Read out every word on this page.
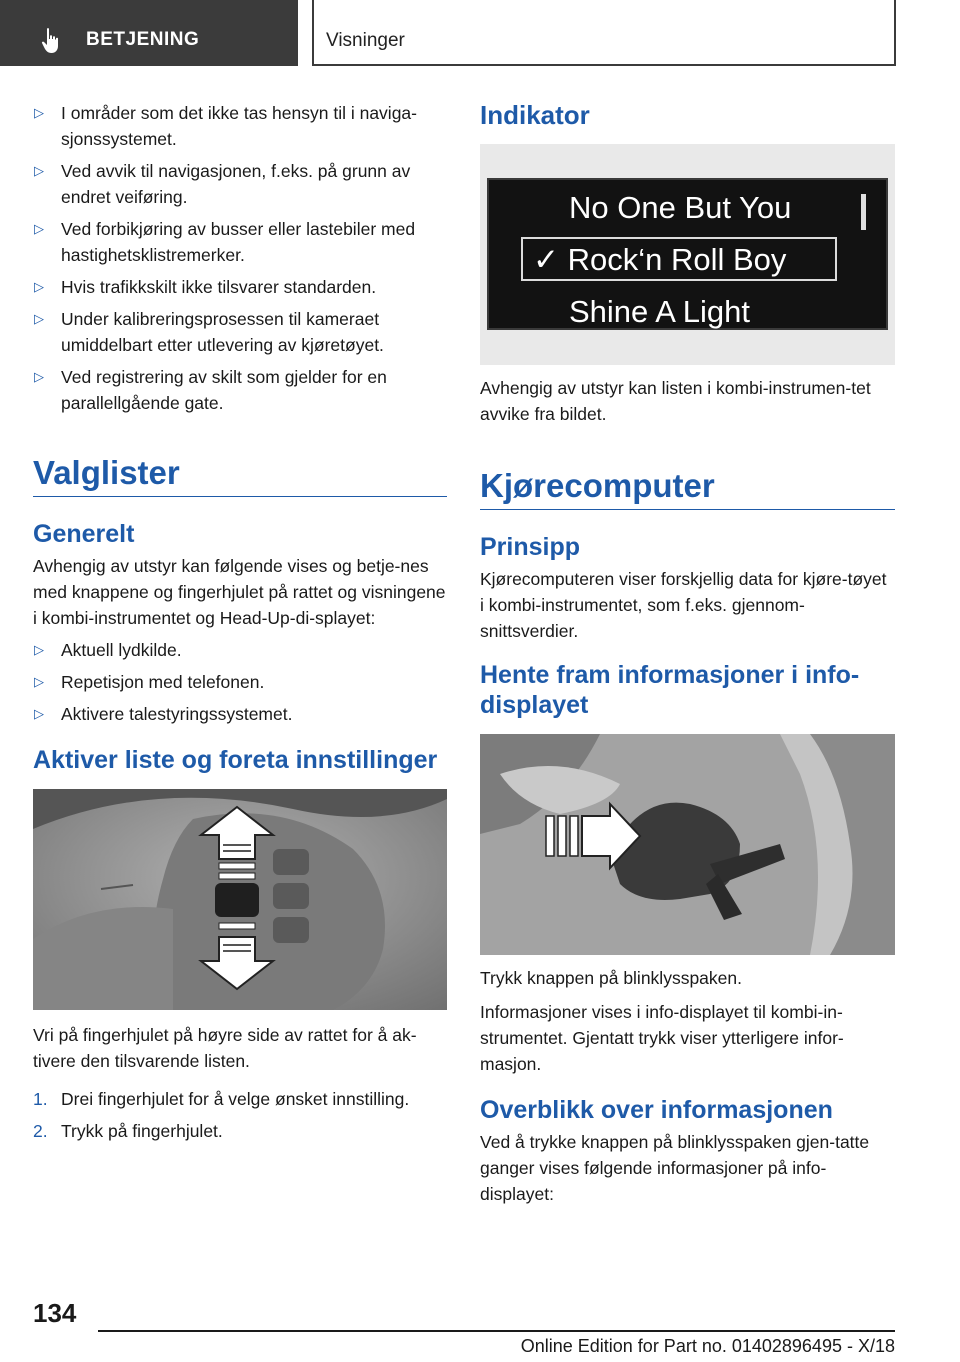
BETJENING	Visninger
▷ I områder som det ikke tas hensyn til i naviga-sjonssystemet.
▷ Ved avvik til navigasjonen, f.eks. på grunn av endret veiføring.
▷ Ved forbikjøring av busser eller lastebiler med hastighetsklistremerker.
▷ Hvis trafikkskilt ikke tilsvarer standarden.
▷ Under kalibreringsprosessen til kameraet umiddelbart etter utlevering av kjøretøyet.
▷ Ved registrering av skilt som gjelder for en parallellgående gate.
Valglister
Generelt

Avhengig av utstyr kan følgende vises og betje-nes med knappene og fingerhjulet på rattet og visningene i kombi-instrumentet og Head-Up-di-splayet:

▷ Aktuell lydkilde.
▷ Repetisjon med telefonen.
▷ Aktivere talestyringssystemet.
Aktiver liste og foreta innstillinger

Vri på fingerhjulet på høyre side av rattet for å ak-tivere den tilsvarende listen.

1. Drei fingerhjulet for å velge ønsket innstilling.
2. Trykk på fingerhjulet.
Indikator
No One But You
✓ Rock‘n Roll Boy
Shine A Light

Avhengig av utstyr kan listen i kombi-instrumen-tet avvike fra bildet.

Kjørecomputer
Prinsipp

Kjørecomputeren viser forskjellig data for kjøre-tøyet i kombi-instrumentet, som f.eks. gjennom-snittsverdier.

Hente fram informasjoner i info-displayet

Trykk knappen på blinklysspaken.

Informasjoner vises i info-displayet til kombi-in-strumentet. Gjentatt trykk viser ytterligere infor-masjon.

Overblikk over informasjonen

Ved å trykke knappen på blinklysspaken gjen-tatte ganger vises følgende informasjoner på info-displayet:

134
Online Edition for Part no. 01402896495 - X/18
